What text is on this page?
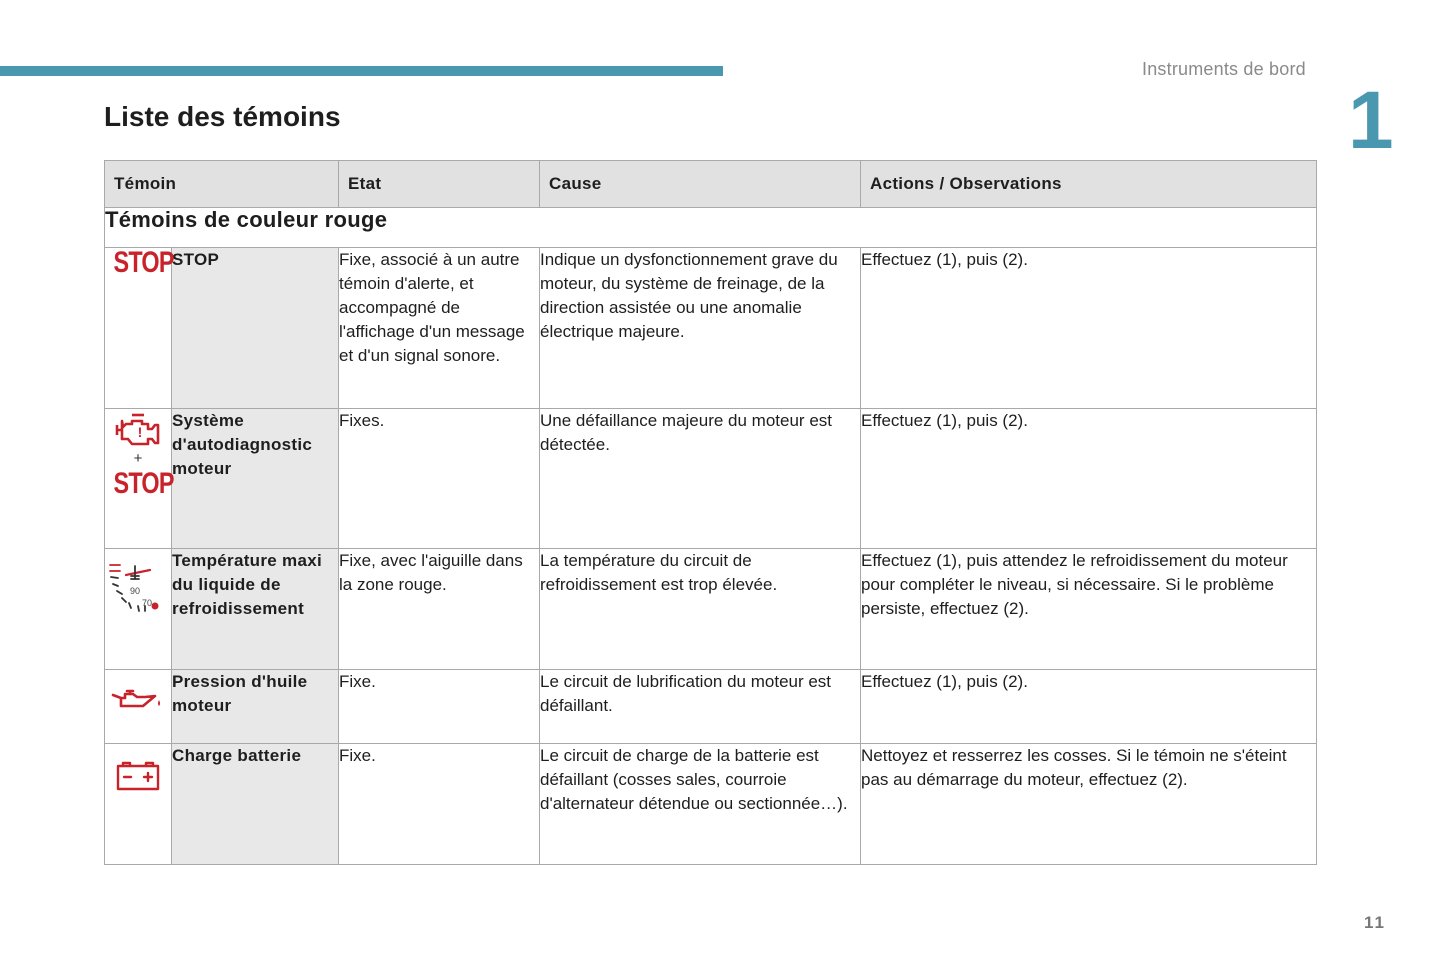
Instruments de bord
1
Liste des témoins
Témoin		Etat	Cause	Actions / Observations
Témoins de couleur rouge				
STOP	STOP	Fixe, associé à un autre témoin d'alerte, et accompagné de l'affichage d'un message et d'un signal sonore.	Indique un dysfonctionnement grave du moteur, du système de freinage, de la direction assistée ou une anomalie électrique majeure.	Effectuez (1), puis (2).

!
+
STOP	Système d'autodiagnostic moteur	Fixes.	Une défaillance majeure du moteur est détectée.	Effectuez (1), puis (2).

90
70	Température maxi du liquide de refroidissement	Fixe, avec l'aiguille dans la zone rouge.	La température du circuit de refroidissement est trop élevée.	Effectuez (1), puis attendez le refroidissement du moteur pour compléter le niveau, si nécessaire. Si le problème persiste, effectuez (2).

	Pression d'huile moteur	Fixe.	Le circuit de lubrification du moteur est défaillant.	Effectuez (1), puis (2).

	Charge batterie	Fixe.	Le circuit de charge de la batterie est défaillant (cosses sales, courroie d'alternateur détendue ou sectionnée…).	Nettoyez et resserrez les cosses. Si le témoin ne s'éteint pas au démarrage du moteur, effectuez (2).
11
